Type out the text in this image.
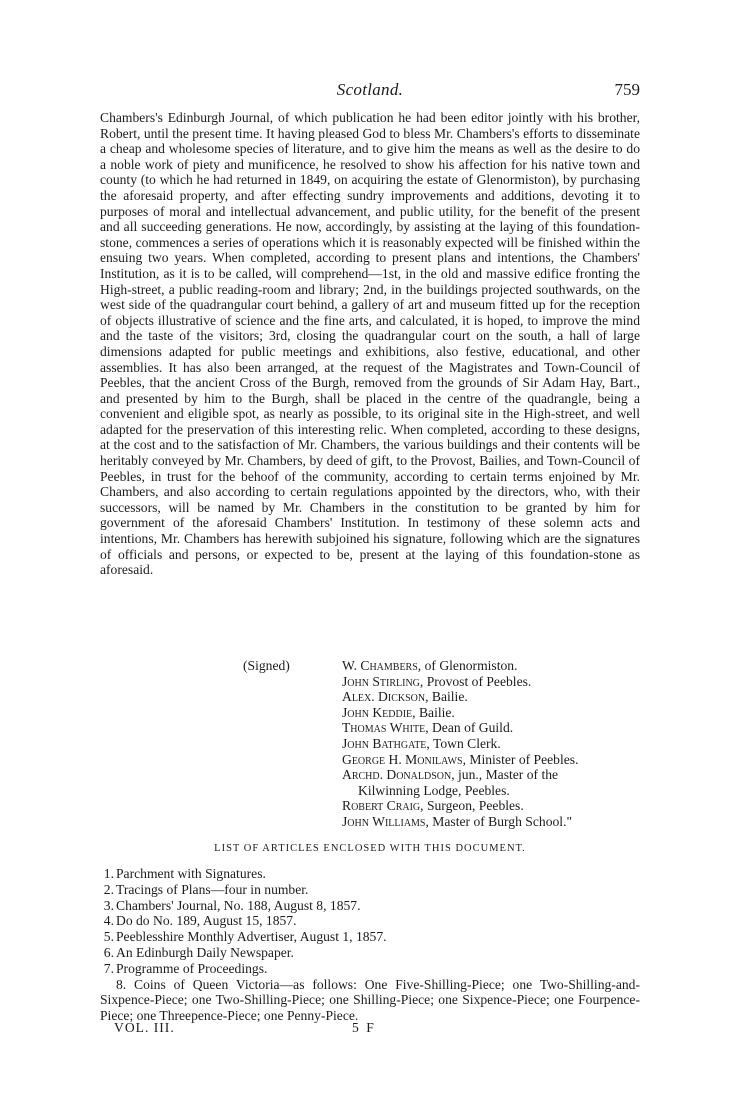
Scotland.	759

Chambers's Edinburgh Journal, of which publication he had been editor jointly with his brother, Robert, until the present time. It having pleased God to bless Mr. Chambers's efforts to disseminate a cheap and wholesome species of literature, and to give him the means as well as the desire to do a noble work of piety and munificence, he resolved to show his affection for his native town and county (to which he had returned in 1849, on acquiring the estate of Glenormiston), by purchasing the aforesaid property, and after effecting sundry improvements and additions, devoting it to purposes of moral and intellectual advancement, and public utility, for the benefit of the present and all succeeding generations. He now, accordingly, by assisting at the laying of this foundation-stone, commences a series of operations which it is reasonably expected will be finished within the ensuing two years. When completed, according to present plans and intentions, the Chambers' Institution, as it is to be called, will comprehend—1st, in the old and massive edifice fronting the High-street, a public reading-room and library; 2nd, in the buildings projected southwards, on the west side of the quadrangular court behind, a gallery of art and museum fitted up for the reception of objects illustrative of science and the fine arts, and calculated, it is hoped, to improve the mind and the taste of the visitors; 3rd, closing the quadrangular court on the south, a hall of large dimensions adapted for public meetings and exhibitions, also festive, educational, and other assemblies. It has also been arranged, at the request of the Magistrates and Town-Council of Peebles, that the ancient Cross of the Burgh, removed from the grounds of Sir Adam Hay, Bart., and presented by him to the Burgh, shall be placed in the centre of the quadrangle, being a convenient and eligible spot, as nearly as possible, to its original site in the High-street, and well adapted for the preservation of this interesting relic. When completed, according to these designs, at the cost and to the satisfaction of Mr. Chambers, the various buildings and their contents will be heritably conveyed by Mr. Chambers, by deed of gift, to the Provost, Bailies, and Town-Council of Peebles, in trust for the behoof of the community, according to certain terms enjoined by Mr. Chambers, and also according to certain regulations appointed by the directors, who, with their successors, will be named by Mr. Chambers in the constitution to be granted by him for government of the aforesaid Chambers' Institution. In testimony of these solemn acts and intentions, Mr. Chambers has herewith subjoined his signature, following which are the signatures of officials and persons, or expected to be, present at the laying of this foundation-stone as aforesaid.

(Signed)	W. Chambers, of Glenormiston.
John Stirling, Provost of Peebles.
Alex. Dickson, Bailie.
John Keddie, Bailie.
Thomas White, Dean of Guild.
John Bathgate, Town Clerk.
George H. Monilaws, Minister of Peebles.
Archd. Donaldson, jun., Master of the
Kilwinning Lodge, Peebles.
Robert Craig, Surgeon, Peebles.
John Williams, Master of Burgh School."
LIST OF ARTICLES ENCLOSED WITH THIS DOCUMENT.
1. Parchment with Signatures.
2. Tracings of Plans—four in number.
3. Chambers' Journal, No. 188, August 8, 1857.
4. Do do No. 189, August 15, 1857.
5. Peeblesshire Monthly Advertiser, August 1, 1857.
6. An Edinburgh Daily Newspaper.
7. Programme of Proceedings.
8. Coins of Queen Victoria—as follows: One Five-Shilling-Piece; one Two-Shilling-and-Sixpence-Piece; one Two-Shilling-Piece; one Shilling-Piece; one Sixpence-Piece; one Fourpence-Piece; one Threepence-Piece; one Penny-Piece.
VOL. III.	5 F
